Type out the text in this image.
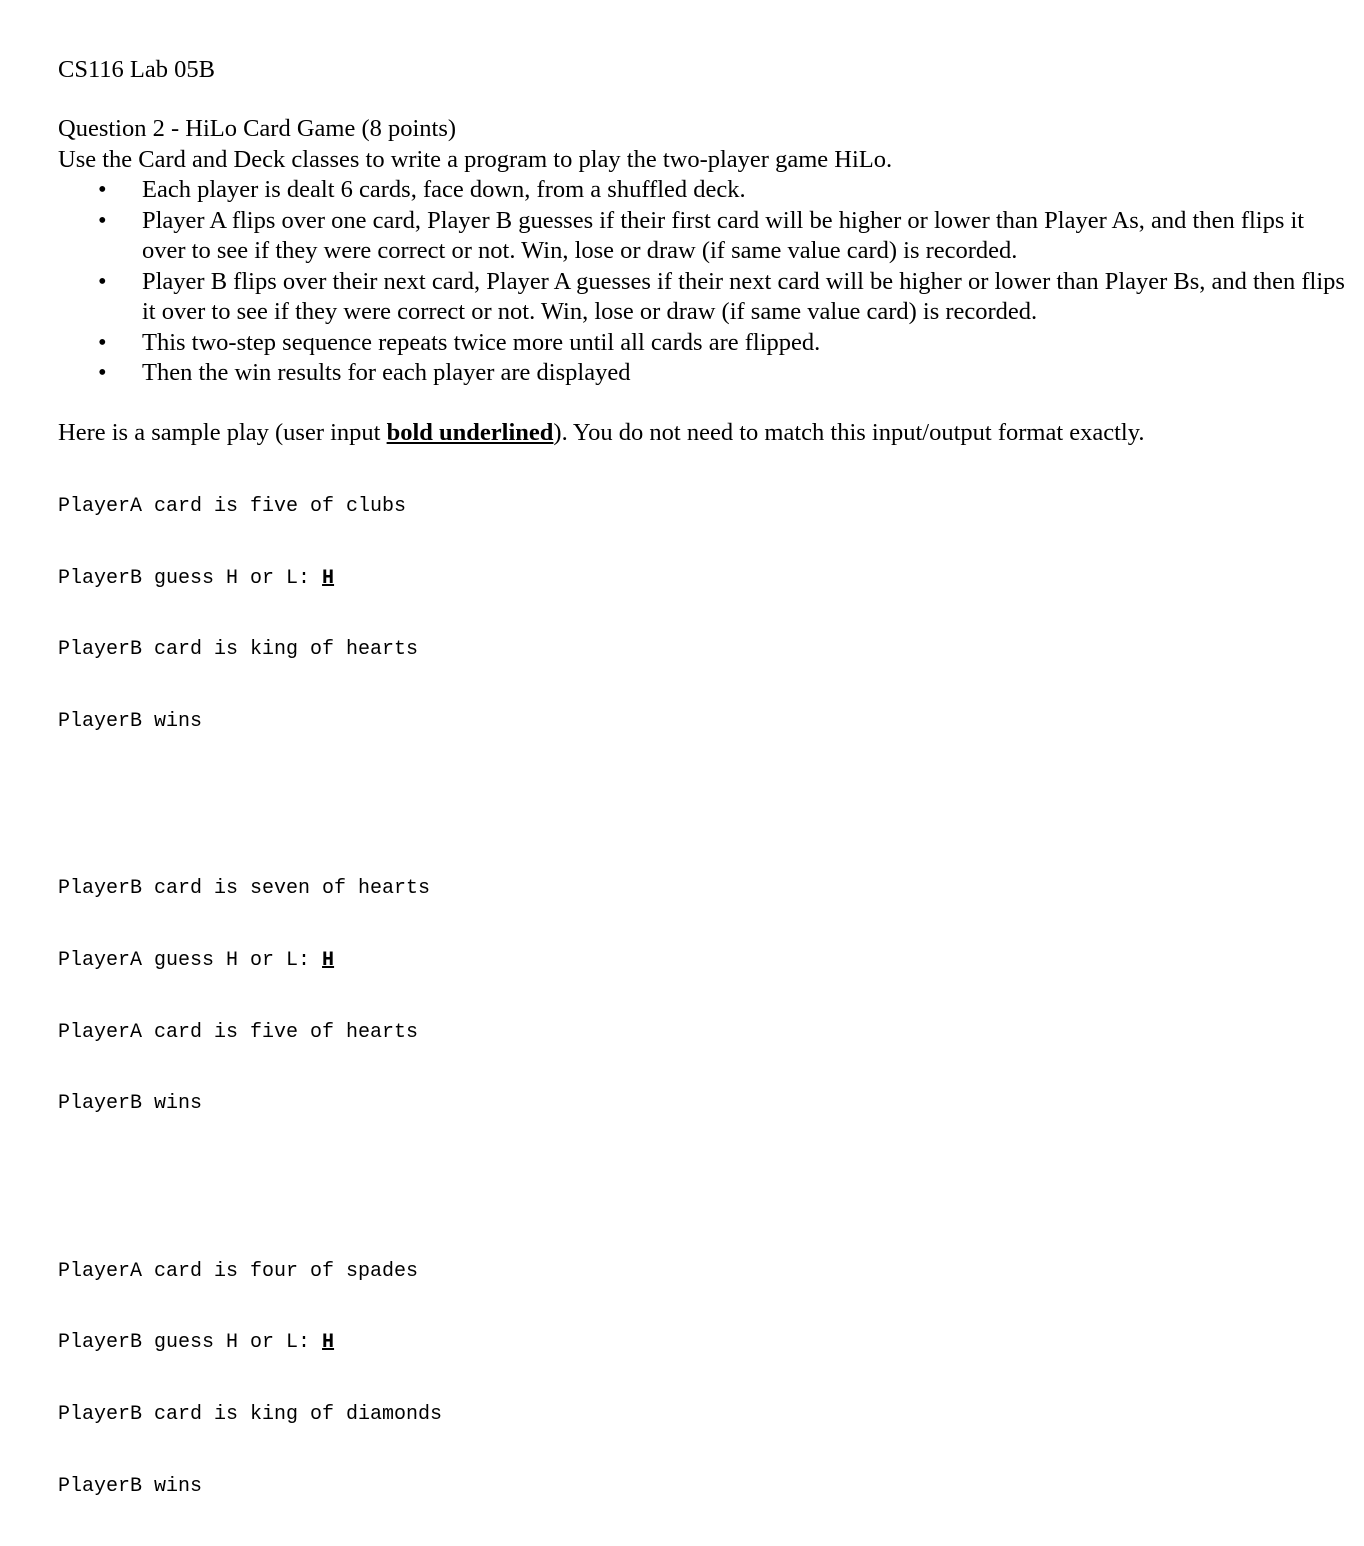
CS116 Lab 05B
Question 2 - HiLo Card Game (8 points)
Use the Card and Deck classes to write a program to play the two-player game HiLo.
• Each player is dealt 6 cards, face down, from a shuffled deck.
• Player A flips over one card, Player B guesses if their first card will be higher or lower than Player As, and then flips it over to see if they were correct or not. Win, lose or draw (if same value card) is recorded.
• Player B flips over their next card, Player A guesses if their next card will be higher or lower than Player Bs, and then flips it over to see if they were correct or not. Win, lose or draw (if same value card) is recorded.
• This two-step sequence repeats twice more until all cards are flipped.
• Then the win results for each player are displayed
Here is a sample play (user input bold underlined). You do not need to match this input/output format exactly.

PlayerA card is five of clubs

PlayerB guess H or L: H

PlayerB card is king of hearts

PlayerB wins

PlayerB card is seven of hearts

PlayerA guess H or L: H

PlayerA card is five of hearts

PlayerB wins

PlayerA card is four of spades

PlayerB guess H or L: H

PlayerB card is king of diamonds

PlayerB wins
